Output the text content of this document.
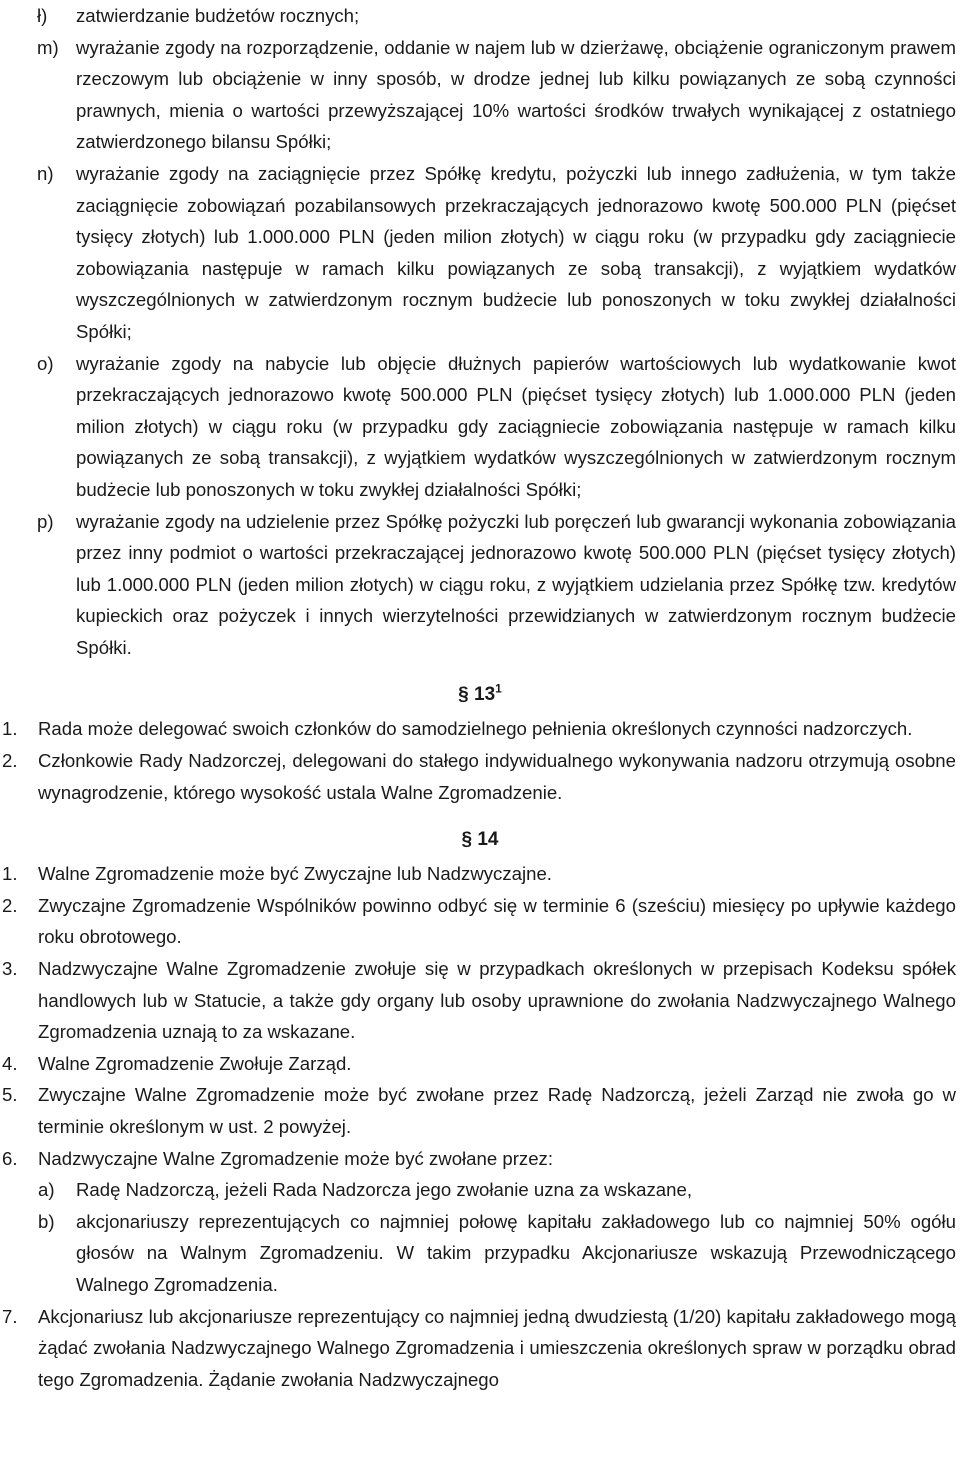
ł)	zatwierdzanie budżetów rocznych;
m) wyrażanie zgody na rozporządzenie, oddanie w najem lub w dzierżawę, obciążenie ograniczonym prawem rzeczowym lub obciążenie w inny sposób, w drodze jednej lub kilku powiązanych ze sobą czynności prawnych, mienia o wartości przewyższającej 10% wartości środków trwałych wynikającej z ostatniego zatwierdzonego bilansu Spółki;
n)	wyrażanie zgody na zaciągnięcie przez Spółkę kredytu, pożyczki lub innego zadłużenia, w tym także zaciągnięcie zobowiązań pozabilansowych przekraczających jednorazowo kwotę 500.000 PLN (pięćset tysięcy złotych) lub 1.000.000 PLN (jeden milion złotych) w ciągu roku (w przypadku gdy zaciągniecie zobowiązania następuje w ramach kilku powiązanych ze sobą transakcji), z wyjątkiem wydatków wyszczególnionych w zatwierdzonym rocznym budżecie lub ponoszonych w toku zwykłej działalności Spółki;
o)	wyrażanie zgody na nabycie lub objęcie dłużnych papierów wartościowych lub wydatkowanie kwot przekraczających jednorazowo kwotę 500.000 PLN (pięćset tysięcy złotych) lub 1.000.000 PLN (jeden milion złotych) w ciągu roku (w przypadku gdy zaciągniecie zobowiązania następuje w ramach kilku powiązanych ze sobą transakcji), z wyjątkiem wydatków wyszczególnionych w zatwierdzonym rocznym budżecie lub ponoszonych w toku zwykłej działalności Spółki;
p)	wyrażanie zgody na udzielenie przez Spółkę pożyczki lub poręczeń lub gwarancji wykonania zobowiązania przez inny podmiot o wartości przekraczającej jednorazowo kwotę 500.000 PLN (pięćset tysięcy złotych) lub 1.000.000 PLN (jeden milion złotych) w ciągu roku, z wyjątkiem udzielania przez Spółkę tzw. kredytów kupieckich oraz pożyczek i innych wierzytelności przewidzianych w zatwierdzonym rocznym budżecie Spółki.
§ $13^1$
1.	Rada może delegować swoich członków do samodzielnego pełnienia określonych czynności nadzorczych.
2.	Członkowie Rady Nadzorczej, delegowani do stałego indywidualnego wykonywania nadzoru otrzymują osobne wynagrodzenie, którego wysokość ustala Walne Zgromadzenie.
§ 14
1.	Walne Zgromadzenie może być Zwyczajne lub Nadzwyczajne.
2.	Zwyczajne Zgromadzenie Wspólników powinno odbyć się w terminie 6 (sześciu) miesięcy po upływie każdego roku obrotowego.
3.	Nadzwyczajne Walne Zgromadzenie zwołuje się w przypadkach określonych w przepisach Kodeksu spółek handlowych lub w Statucie, a także gdy organy lub osoby uprawnione do zwołania Nadzwyczajnego Walnego Zgromadzenia uznają to za wskazane.
4.	Walne Zgromadzenie Zwołuje Zarząd.
5.	Zwyczajne Walne Zgromadzenie może być zwołane przez Radę Nadzorczą, jeżeli Zarząd nie zwoła go w terminie określonym w ust. 2 powyżej.
6.	Nadzwyczajne Walne Zgromadzenie może być zwołane przez:
a)	Radę Nadzorczą, jeżeli Rada Nadzorcza jego zwołanie uzna za wskazane,
b)	akcjonariuszy reprezentujących co najmniej połowę kapitału zakładowego lub co najmniej 50% ogółu głosów na Walnym Zgromadzeniu. W takim przypadku Akcjonariusze wskazują Przewodniczącego Walnego Zgromadzenia.
7.	Akcjonariusz lub akcjonariusze reprezentujący co najmniej jedną dwudziestą (1/20) kapitału zakładowego mogą żądać zwołania Nadzwyczajnego Walnego Zgromadzenia i umieszczenia określonych spraw w porządku obrad tego Zgromadzenia. Żądanie zwołania Nadzwyczajnego
